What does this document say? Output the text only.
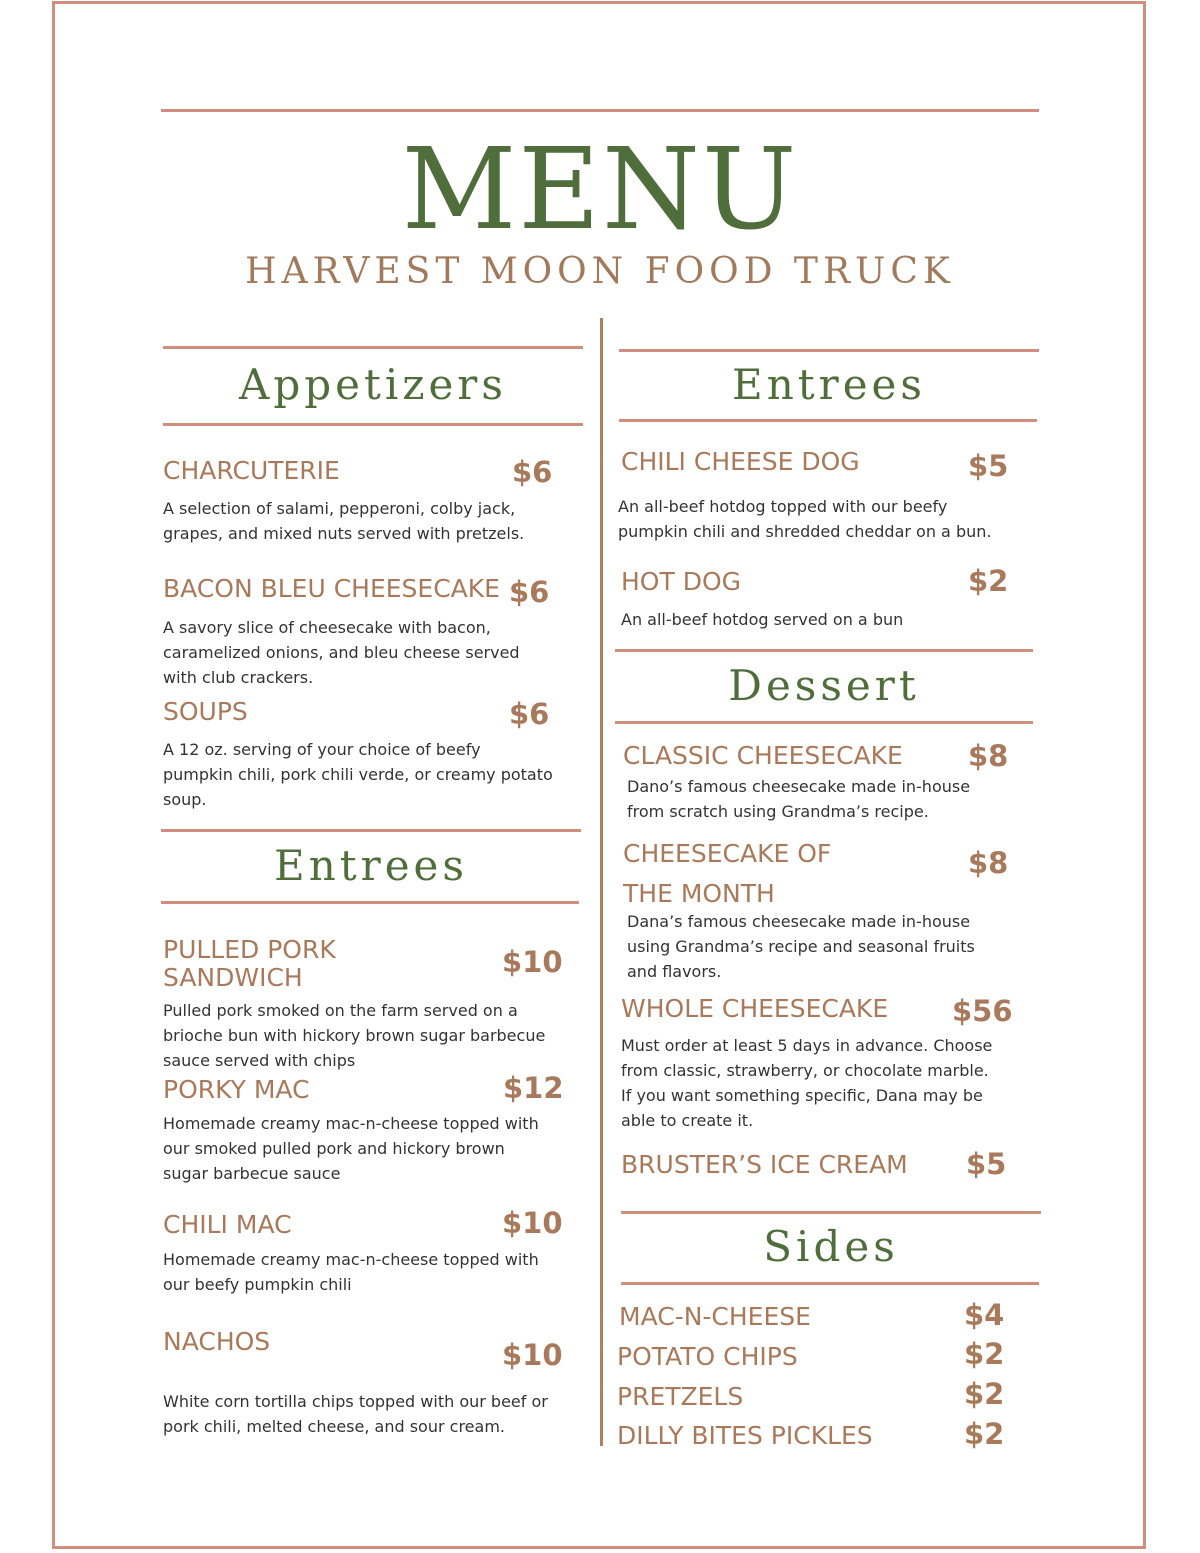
MENU
HARVEST MOON FOOD TRUCK
Appetizers
CHARCUTERIE	$6
A selection of salami, pepperoni, colby jack, grapes, and mixed nuts served with pretzels.
BACON BLEU CHEESECAKE $6
A savory slice of cheesecake with bacon, caramelized onions, and bleu cheese served with club crackers.
SOUPS	$6
A 12 oz. serving of your choice of beefy pumpkin chili, pork chili verde, or creamy potato soup.
Entrees
PULLED PORK SANDWICH	$10
Pulled pork smoked on the farm served on a brioche bun with hickory brown sugar barbecue sauce served with chips
PORKY MAC	$12
Homemade creamy mac-n-cheese topped with our smoked pulled pork and hickory brown sugar barbecue sauce
CHILI MAC	$10
Homemade creamy mac-n-cheese topped with our beefy pumpkin chili
NACHOS	$10
White corn tortilla chips topped with our beef or pork chili, melted cheese, and sour cream.
Entrees
CHILI CHEESE DOG	$5
An all-beef hotdog topped with our beefy pumpkin chili and shredded cheddar on a bun.
HOT DOG	$2
An all-beef hotdog served on a bun
Dessert
CLASSIC CHEESECAKE $8
Dano’s famous cheesecake made in-house from scratch using Grandma’s recipe.
CHEESECAKE OF THE MONTH
$8
Dana’s famous cheesecake made in-house using Grandma’s recipe and seasonal fruits and flavors.
WHOLE CHEESECAKE $56
Must order at least 5 days in advance. Choose from classic, strawberry, or chocolate marble. If you want something specific, Dana may be able to create it.
BRUSTER’S ICE CREAM $5
Sides
MAC-N-CHEESE	$4
POTATO CHIPS	$2
PRETZELS	$2
DILLY BITES PICKLES	$2
